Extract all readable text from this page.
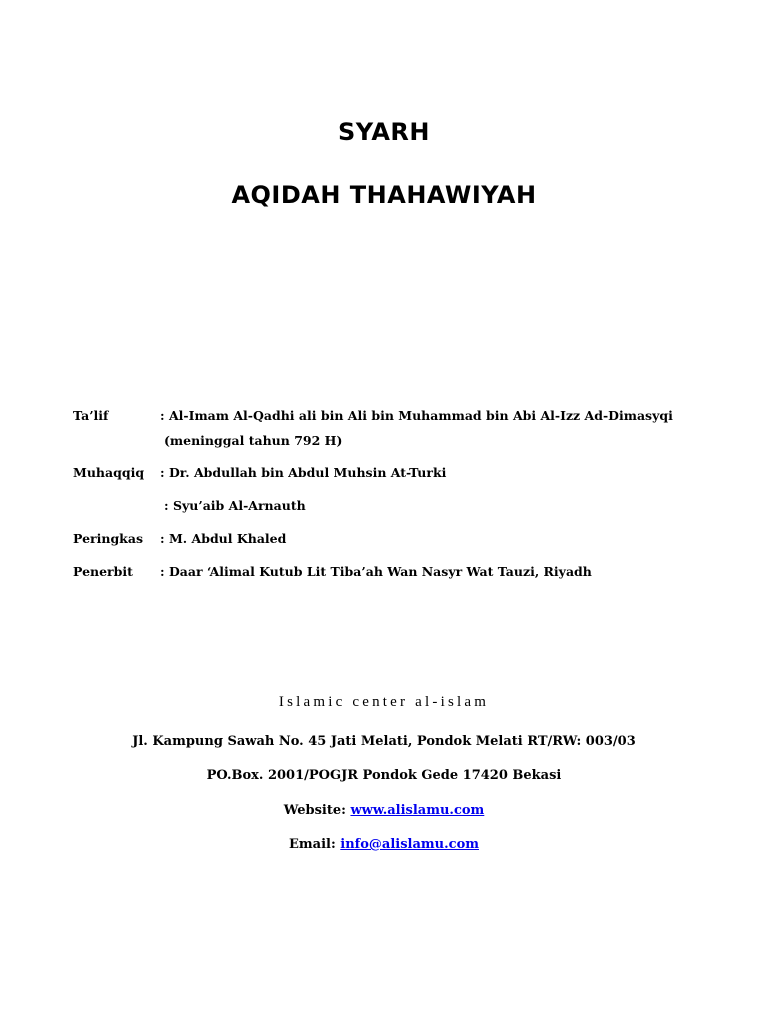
SYARH
AQIDAH THAHAWIYAH
Ta’lif	: Al-Imam Al-Qadhi ali bin Ali bin Muhammad bin Abi Al-Izz Ad-Dimasyqi
(meninggal tahun 792 H)
Muhaqqiq : Dr. Abdullah bin Abdul Muhsin At-Turki
: Syu’aib Al-Arnauth
Peringkas : M. Abdul Khaled
Penerbit : Daar ‘Alimal Kutub Lit Tiba’ah Wan Nasyr Wat Tauzi, Riyadh
Islamic center al-islam
Jl. Kampung Sawah No. 45 Jati Melati, Pondok Melati RT/RW: 003/03
PO.Box. 2001/POGJR Pondok Gede 17420 Bekasi
Website: www.alislamu.com
Email: info@alislamu.com
